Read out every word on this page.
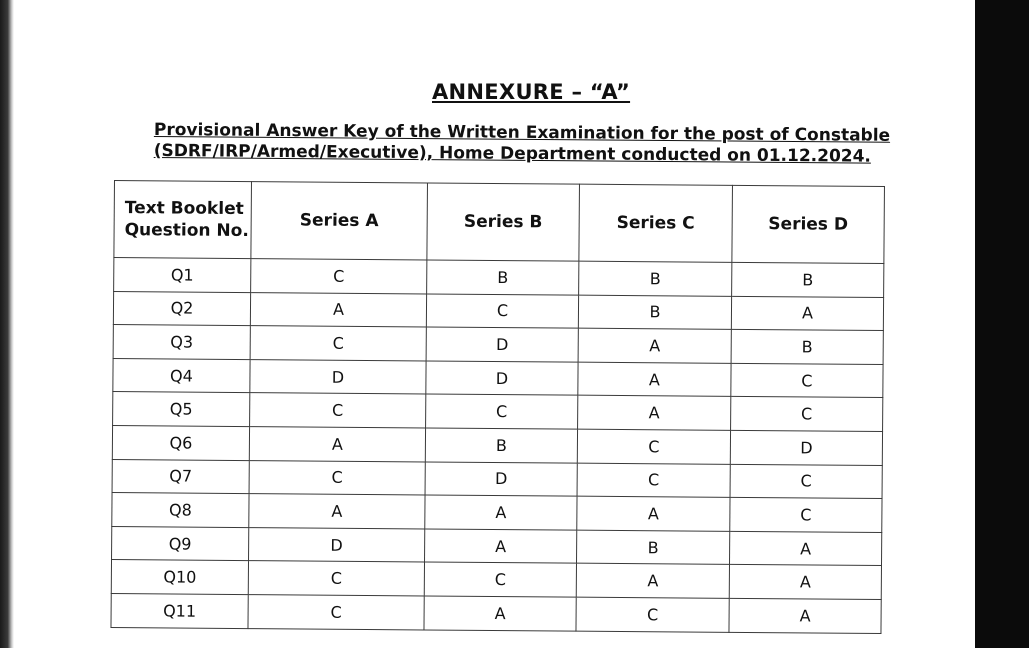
ANNEXURE – “A”
Provisional Answer Key of the Written Examination for the post of Constable
(SDRF/IRP/Armed/Executive), Home Department conducted on 01.12.2024.
Text Booklet
Question No.	Series A	Series B	Series C	Series D
Q1	C	B	B	B
Q2	A	C	B	A
Q3	C	D	A	B
Q4	D	D	A	C
Q5	C	C	A	C
Q6	A	B	C	D
Q7	C	D	C	C
Q8	A	A	A	C
Q9	D	A	B	A
Q10	C	C	A	A
Q11	C	A	C	A
